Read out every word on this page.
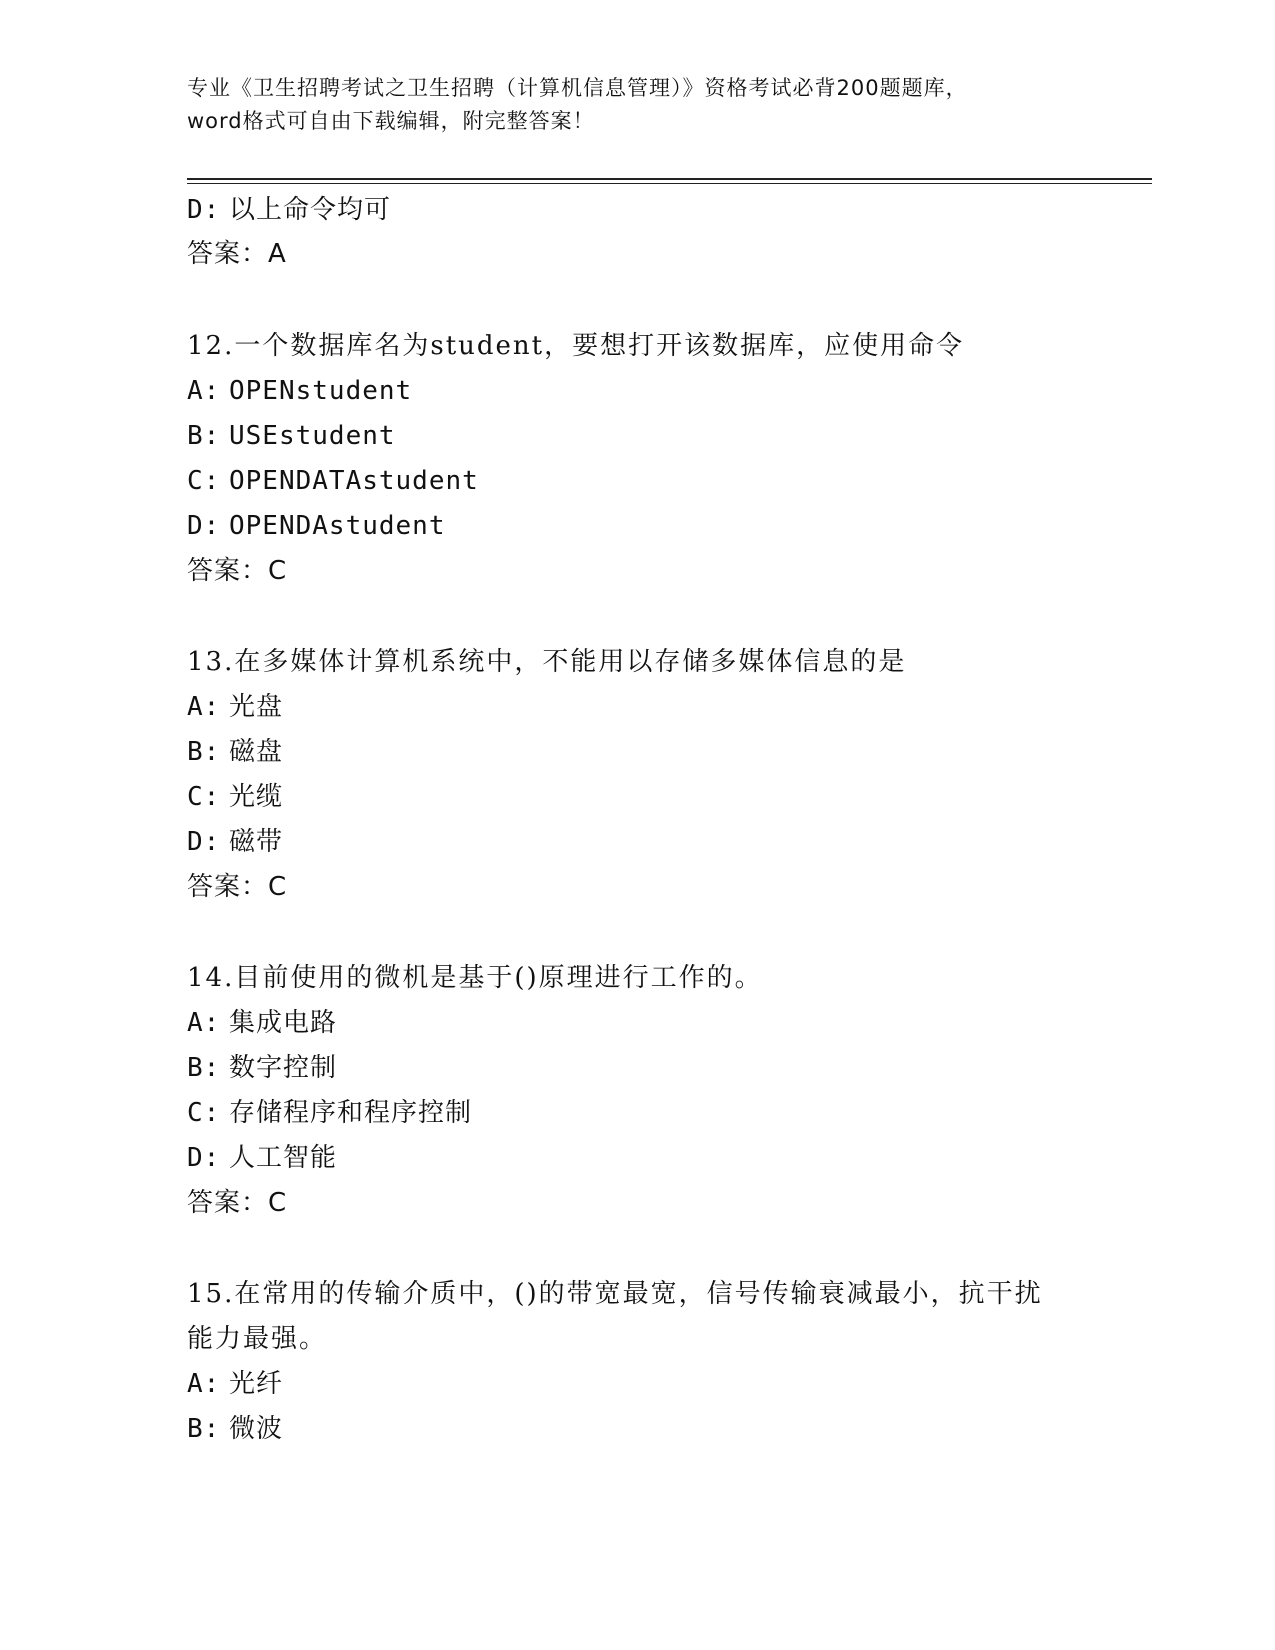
专业《卫生招聘考试之卫生招聘（计算机信息管理）》资格考试必背200题题库，
word格式可自由下载编辑，附完整答案！
D: 以上命令均可
答案：A
12.一个数据库名为student，要想打开该数据库，应使用命令
A: OPENstudent
B: USEstudent
C: OPENDATAstudent
D: OPENDAstudent
答案：C
13.在多媒体计算机系统中，不能用以存储多媒体信息的是
A: 光盘
B: 磁盘
C: 光缆
D: 磁带
答案：C
14.目前使用的微机是基于()原理进行工作的。
A: 集成电路
B: 数字控制
C: 存储程序和程序控制
D: 人工智能
答案：C
15.在常用的传输介质中，()的带宽最宽，信号传输衰减最小，抗干扰
能力最强。
A: 光纤
B: 微波
